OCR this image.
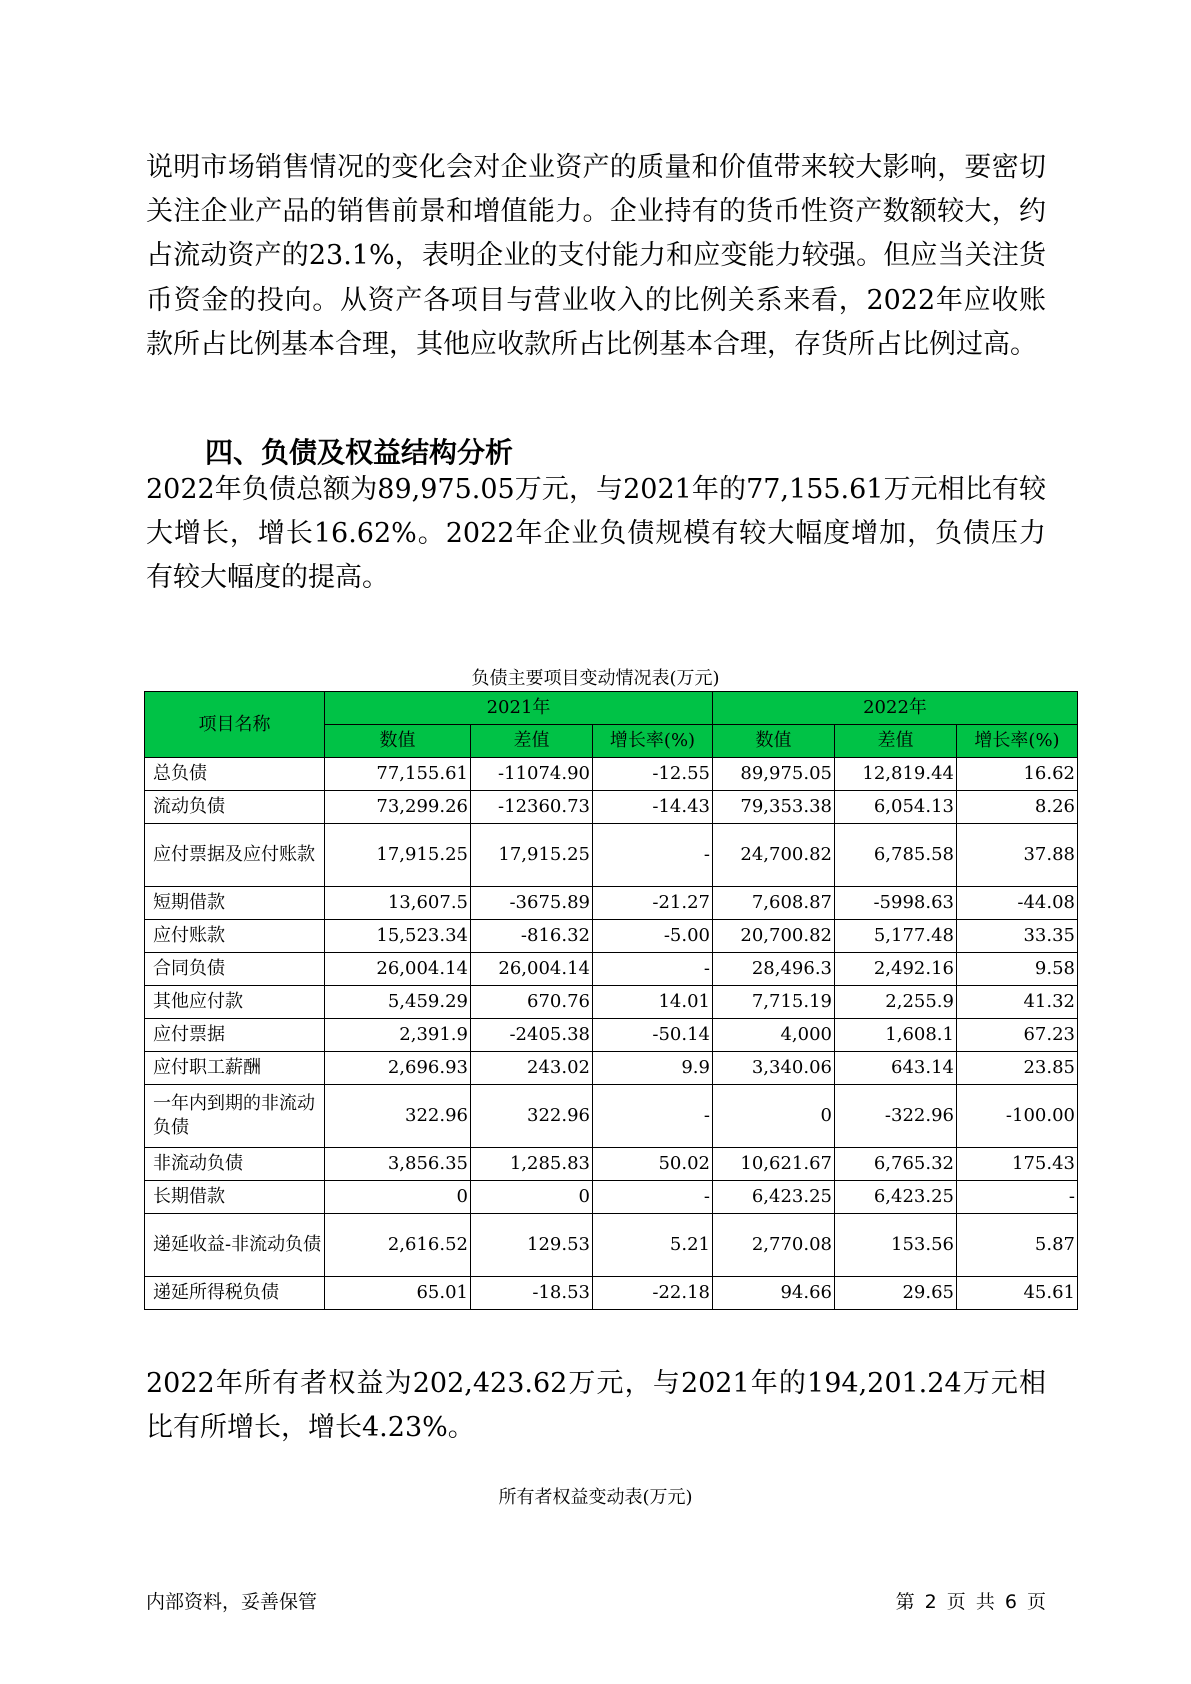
说明市场销售情况的变化会对企业资产的质量和价值带来较大影响，要密切关注企业产品的销售前景和增值能力。企业持有的货币性资产数额较大，约占流动资产的23.1%，表明企业的支付能力和应变能力较强。但应当关注货币资金的投向。从资产各项目与营业收入的比例关系来看，2022年应收账款所占比例基本合理，其他应收款所占比例基本合理，存货所占比例过高。

四、负债及权益结构分析

2022年负债总额为89,975.05万元，与2021年的77,155.61万元相比有较大增长，增长16.62%。2022年企业负债规模有较大幅度增加，负债压力有较大幅度的提高。

负债主要项目变动情况表(万元)

项目名称	2021年			2022年		
	数值	差值	增长率(%)	数值	差值	增长率(%)
总负债	77,155.61	-11074.90	-12.55	89,975.05	12,819.44	16.62
流动负债	73,299.26	-12360.73	-14.43	79,353.38	6,054.13	8.26
应付票据及应付账款	17,915.25	17,915.25	-	24,700.82	6,785.58	37.88
短期借款	13,607.5	-3675.89	-21.27	7,608.87	-5998.63	-44.08
应付账款	15,523.34	-816.32	-5.00	20,700.82	5,177.48	33.35
合同负债	26,004.14	26,004.14	-	28,496.3	2,492.16	9.58
其他应付款	5,459.29	670.76	14.01	7,715.19	2,255.9	41.32
应付票据	2,391.9	-2405.38	-50.14	4,000	1,608.1	67.23
应付职工薪酬	2,696.93	243.02	9.9	3,340.06	643.14	23.85
一年内到期的非流动负债	322.96	322.96	-	0	-322.96	-100.00
非流动负债	3,856.35	1,285.83	50.02	10,621.67	6,765.32	175.43
长期借款	0	0	-	6,423.25	6,423.25	-
递延收益-非流动负债	2,616.52	129.53	5.21	2,770.08	153.56	5.87
递延所得税负债	65.01	-18.53	-22.18	94.66	29.65	45.61

2022年所有者权益为202,423.62万元，与2021年的194,201.24万元相比有所增长，增长4.23%。

所有者权益变动表(万元)

内部资料，妥善保管	第 2 页 共 6 页
